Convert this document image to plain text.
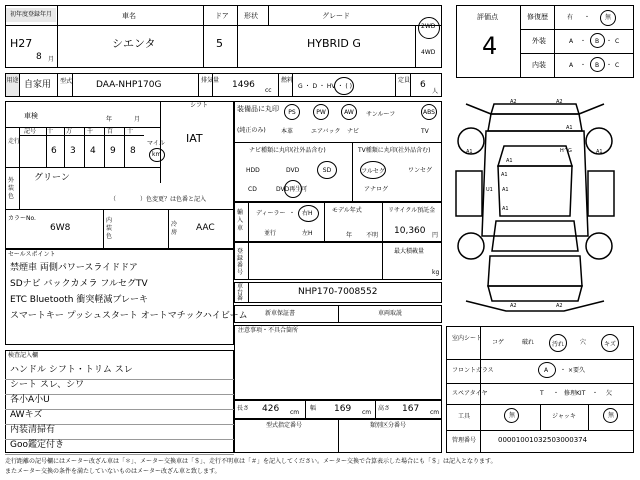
初年度登録年月	車名	ドア 形状	グレード
H27
8 月
シエンタ	5	HYBRID G
2WD
4WD
評価点
4
修復歴	有 ・ 無
外装	A ・ B ・ C
内装	A ・ B ・ C
用途 自家用 型式	DAA-NHP170G	排気量 1496
cc
燃料
G ・ D ・ HV ・ ( )
定員 6
人
車検	年	月
シフト
IAT
走行	マイル
km
外
装
色
グリーン
（　　　　）色変更？は色番と記入
カラーNo.
6W8
内
装
色
冷
房 AAC
セールスポイント
検査記入欄
装備品に丸印
(純正のみ)
ナビ種類に丸印(社外品含む)	TV種類に丸印(社外品含む)
輸
入
車
ディーラー
並行
・ 右H
左H
モデル年式
年 不明
リサイクル預託金
10,360 円
登
録
番
号
最大積載量
kg
車
台
番
NHP170-7008552
新車保証書	車両取説
注意事項・不具合箇所
長さ 426 cm
幅 169 cm
高さ 167 cm
型式指定番号	類別区分番号
A2	A2
A1
A1	A1
A1
H^G
A1
U1 A1
A1
A2	A2
室内シート
フロントガラス	A ・ ×要久
スペアタイヤ	T ・ 修理KIT ・ 欠
工具	無	ジャッキ	無
管理番号	00001001032503000374
走行距離の記号欄にはメーター改ざん車は「＊」、メーター交換車は「＄」、走行不明車は「＃」を記入してください。メーター交換で合算表示した場合にも「＄」は記入となります。
またメーター交換の条件を満たしていないものはメーター改ざん車と致します。
記号 十 万 千 百 十
6 3 4 9 8
禁煙車 両側パワースライドドア
SDナビ バックカメラ フルセグTV
ETC Bluetooth 衝突軽減ブレーキ
スマートキー プッシュスタート オートマチックハイビーム
ハンドル シフト・トリム スレ
シート スレ、シワ
各小A小U
AWキズ
内装清掃有
Goo鑑定付き
PS	PW	AW	サンルーフ	ABS
本革	エアバック ナビ	TV
HDD	DVD	SD
CD	DVD再生可
フルセグ	ワンセグ
アナログ
コゲ	破れ	汚れ	穴	キズ
